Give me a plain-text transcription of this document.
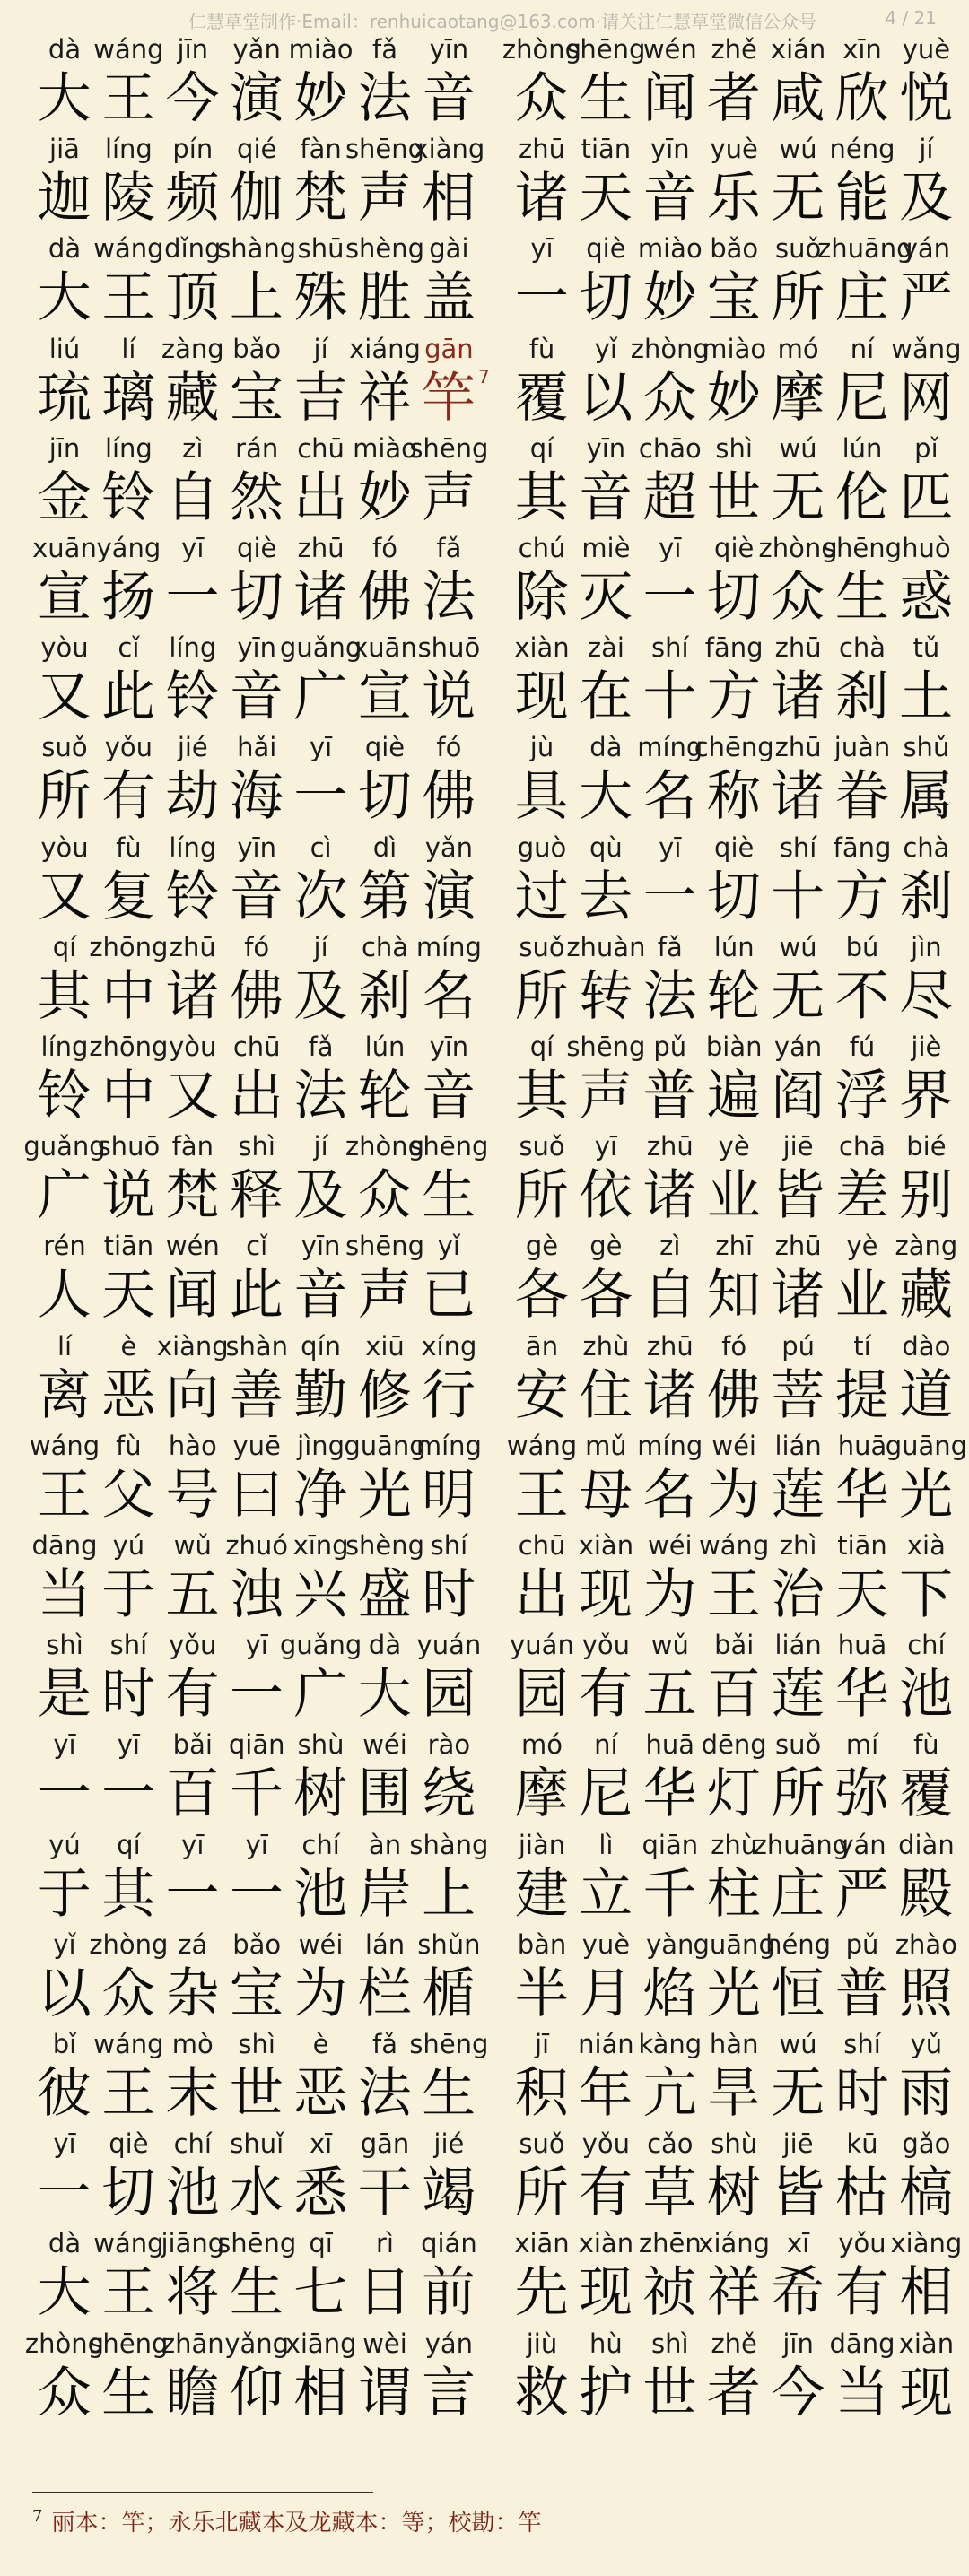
仁慧草堂制作·Email：renhuicaotang@163.com·请关注仁慧草堂微信公众号	4 / 21
dà
大
wáng
王
jīn
今
yǎn
演
miào
妙
fǎ
法
yīn
音
zhòng
众
shēng
生
wén
闻
zhě
者
xián
咸
xīn
欣
yuè
悦
jiā
迦
líng
陵
pín
频
qié
伽
fàn
梵
shēng
声
xiàng
相
zhū
诸
tiān
天
yīn
音
yuè
乐
wú
无
néng
能
jí
及
dà
大
wáng
王
dǐng
顶
shàng
上
shū
殊
shèng
胜
gài
盖
yī
一
qiè
切
miào
妙
bǎo
宝
suǒ
所
zhuāng
庄
yán
严
liú
琉
lí
璃
zàng
藏
bǎo
宝
jí
吉
xiáng
祥	7
gān
竿
fù
覆
yǐ
以
zhòng
众
miào
妙
mó
摩
ní
尼
wǎng
网
jīn
金
líng
铃
zì
自
rán
然
chū
出
miào
妙
shēng
声
qí
其
yīn
音
chāo
超
shì
世
wú
无
lún
伦
pǐ
匹
xuān
宣
yáng
扬
yī
一
qiè
切
zhū
诸
fó
佛
fǎ
法
chú
除
miè
灭
yī
一
qiè
切
zhòng
众
shēng
生
huò
惑
yòu
又
cǐ
此
líng
铃
yīn
音
guǎng
广
xuān
宣
shuō
说
xiàn
现
zài
在
shí
十
fāng
方
zhū
诸
chà
刹
tǔ
土
suǒ
所
yǒu
有
jié
劫
hǎi
海
yī
一
qiè
切
fó
佛
jù
具
dà
大
míng
名
chēng
称
zhū
诸
juàn
眷
shǔ
属
yòu
又
fù
复
líng
铃
yīn
音
cì
次
dì
第
yǎn
演
guò
过
qù
去
yī
一
qiè
切
shí
十
fāng
方
chà
刹
qí
其
zhōng
中
zhū
诸
fó
佛
jí
及
chà
刹
míng
名
suǒ
所
zhuàn
转
fǎ
法
lún
轮
wú
无
bú
不
jìn
尽
líng
铃
zhōng
中
yòu
又
chū
出
fǎ
法
lún
轮
yīn
音
qí
其
shēng
声
pǔ
普
biàn
遍
yán
阎
fú
浮
jiè
界
guǎng
广
shuō
说
fàn
梵
shì
释
jí
及
zhòng
众
shēng
生
suǒ
所
yī
依
zhū
诸
yè
业
jiē
皆
chā
差
bié
别
rén
人
tiān
天
wén
闻
cǐ
此
yīn
音
shēng
声
yǐ
已
gè
各
gè
各
zì
自
zhī
知
zhū
诸
yè
业
zàng
藏
lí
离
è
恶
xiàng
向
shàn
善
qín
勤
xiū
修
xíng
行
ān
安
zhù
住
zhū
诸
fó
佛
pú
菩
tí
提
dào
道
wáng
王
fù
父
hào
号
yuē
曰
jìng
净
guāng
光
míng
明
wáng
王
mǔ
母
míng
名
wéi
为
lián
莲
huā
华
guāng
光
dāng
当
yú
于
wǔ
五
zhuó
浊
xīng
兴
shèng
盛
shí
时
chū
出
xiàn
现
wéi
为
wáng
王
zhì
治
tiān
天
xià
下
shì
是
shí
时
yǒu
有
yī
一
guǎng
广
dà
大
yuán
园
yuán
园
yǒu
有
wǔ
五
bǎi
百
lián
莲
huā
华
chí
池
yī
一
yī
一
bǎi
百
qiān
千
shù
树
wéi
围
rào
绕
mó
摩
ní
尼
huā
华
dēng
灯
suǒ
所
mí
弥
fù
覆
yú
于
qí
其
yī
一
yī
一
chí
池
àn
岸
shàng
上
jiàn
建
lì
立
qiān
千
zhù
柱
zhuāng
庄
yán
严
diàn
殿
yǐ
以
zhòng
众
zá
杂
bǎo
宝
wéi
为
lán
栏
shǔn
楯
bàn
半
yuè
月
yàn
焰
guāng
光
héng
恒
pǔ
普
zhào
照
bǐ
彼
wáng
王
mò
末
shì
世
è
恶
fǎ
法
shēng
生
jī
积
nián
年
kàng
亢
hàn
旱
wú
无
shí
时
yǔ
雨
yī
一
qiè
切
chí
池
shuǐ
水
xī
悉
gān
干
jié
竭
suǒ
所
yǒu
有
cǎo
草
shù
树
jiē
皆
kū
枯
gǎo
槁
dà
大
wáng
王
jiāng
将
shēng
生
qī
七
rì
日
qián
前
xiān
先
xiàn
现
zhēn
祯
xiáng
祥
xī
希
yǒu
有
xiàng
相
zhòng
众
shēng
生
zhān
瞻
yǎng
仰
xiāng
相
wèi
谓
yán
言
jiù
救
hù
护
shì
世
zhě
者
jīn
今
dāng
当
xiàn
现
$^7$ 丽本：竿；永乐北藏本及龙藏本：等；校勘：竿
